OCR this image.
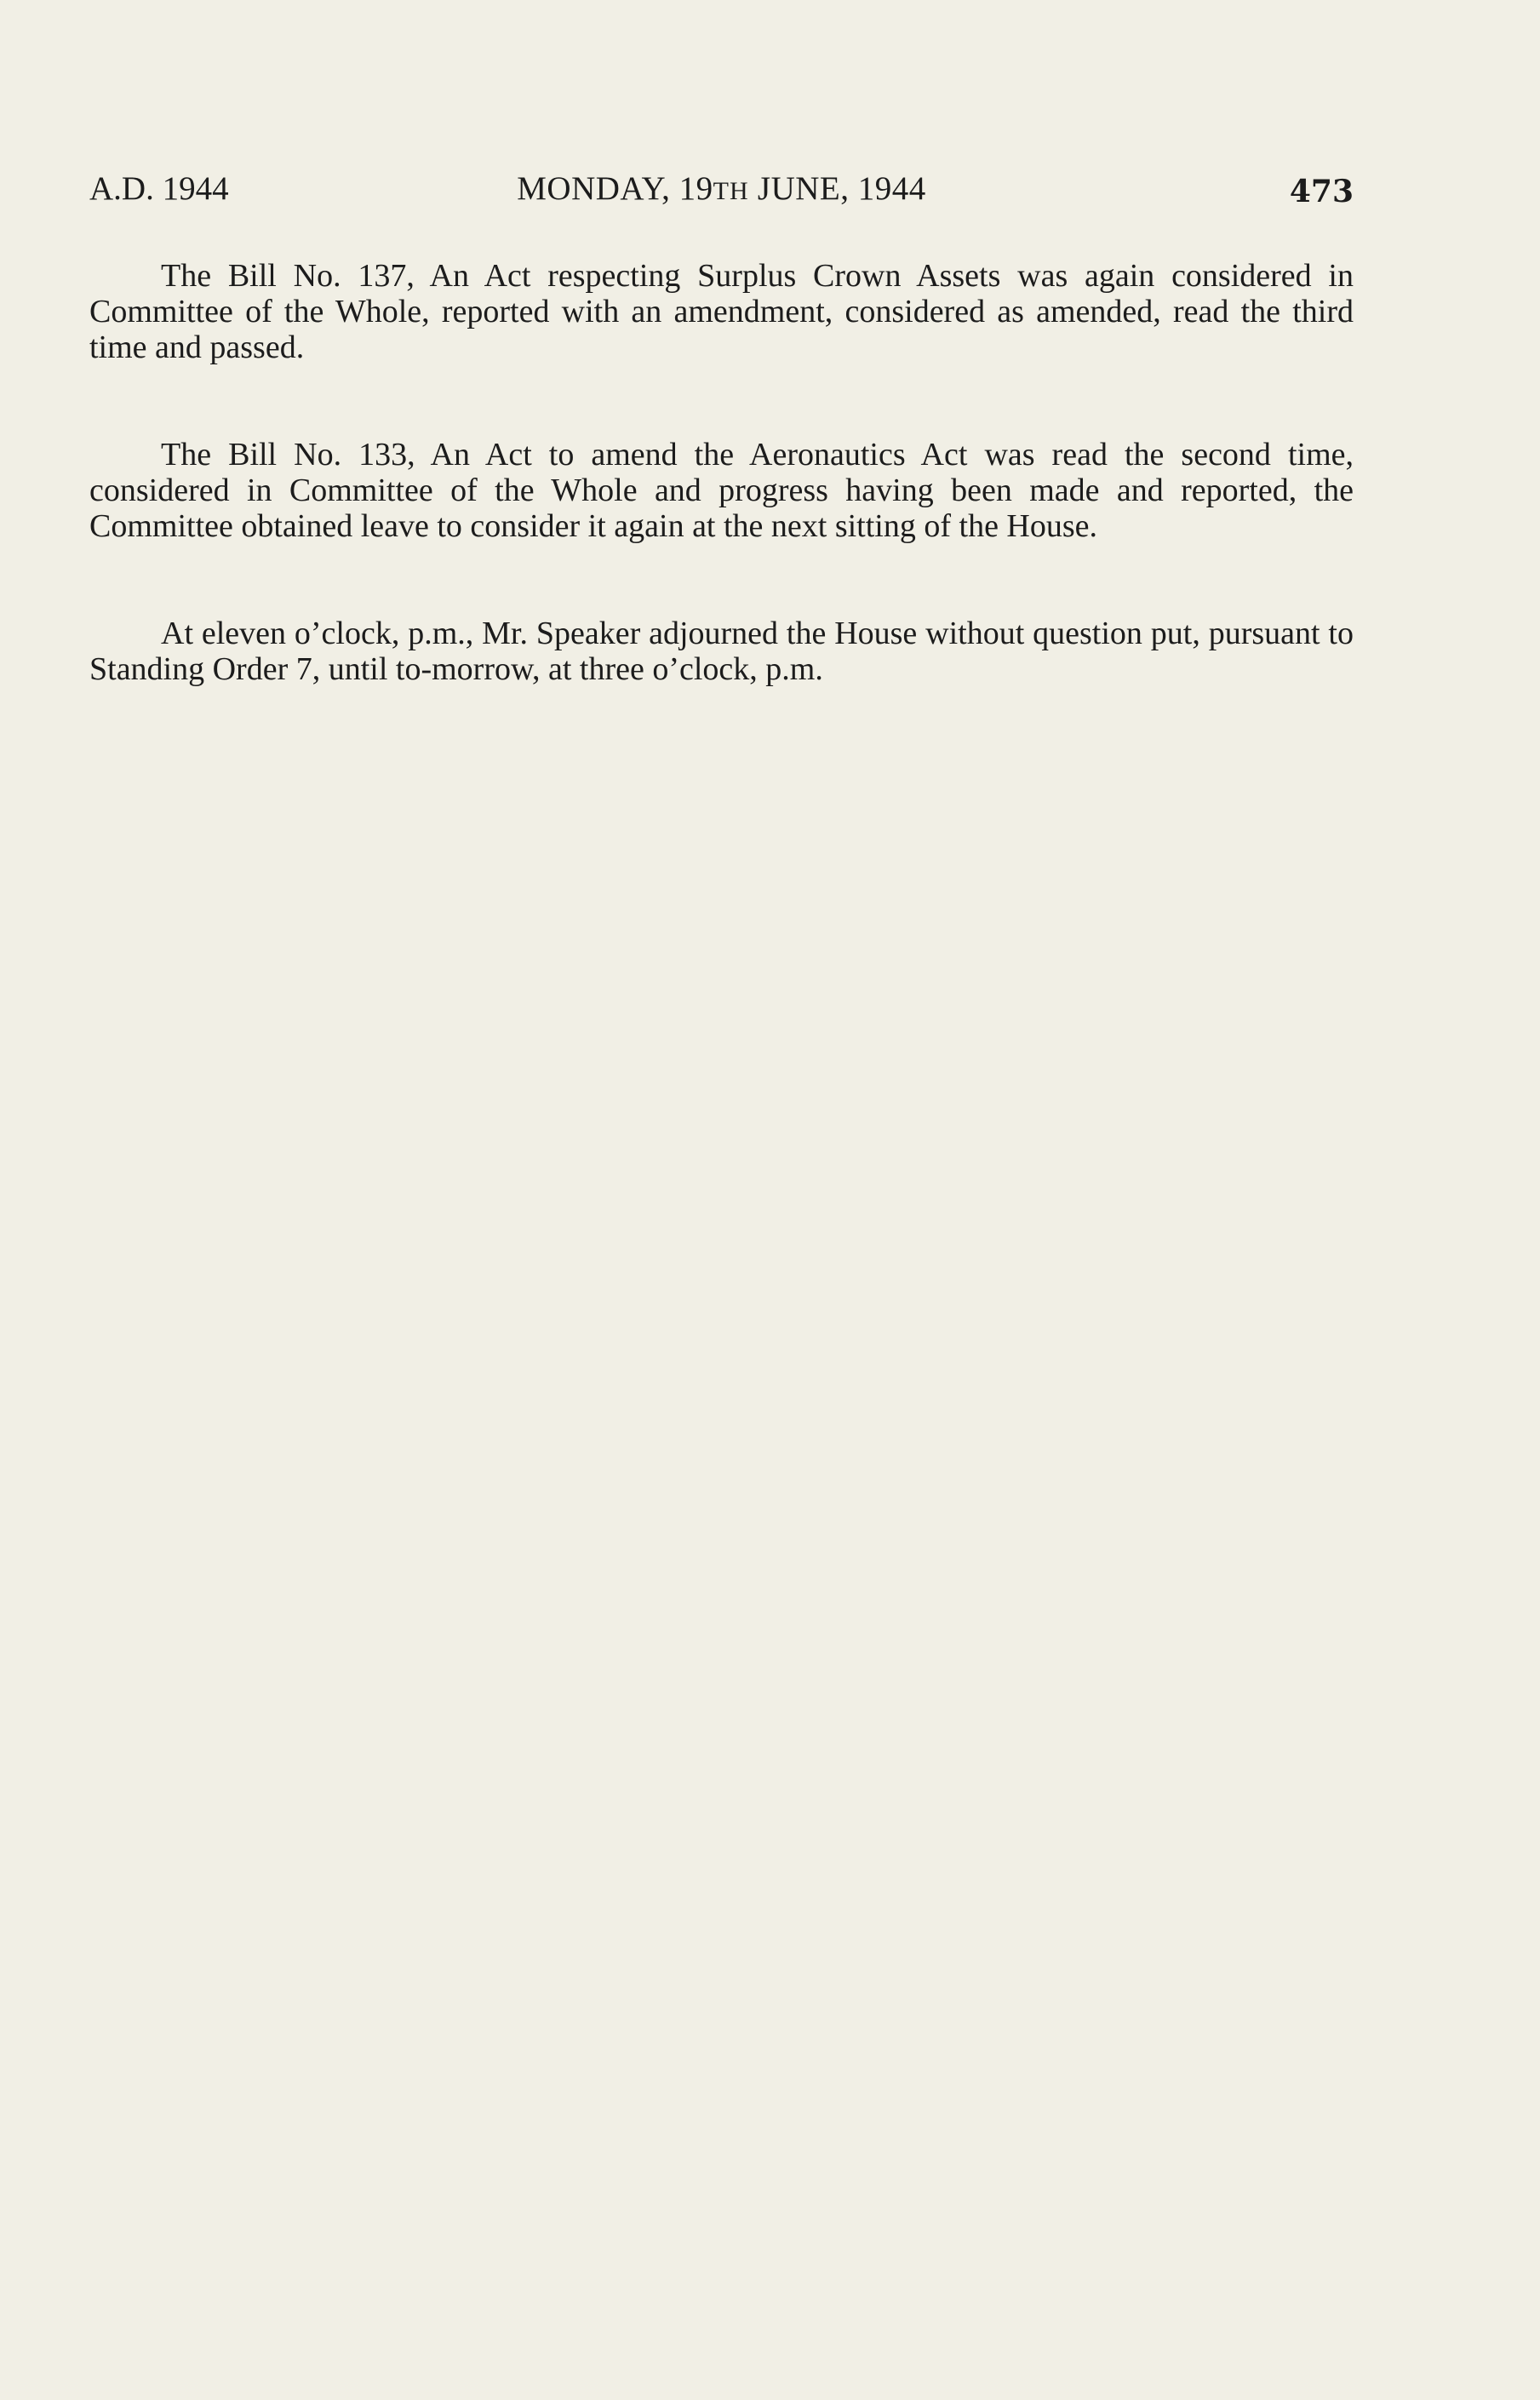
A.D. 1944	MONDAY, 19TH JUNE, 1944	473

The Bill No. 137, An Act respecting Surplus Crown Assets was again considered in Committee of the Whole, reported with an amendment, considered as amended, read the third time and passed.

The Bill No. 133, An Act to amend the Aeronautics Act was read the second time, considered in Committee of the Whole and progress having been made and reported, the Committee obtained leave to consider it again at the next sitting of the House.

At eleven o’clock, p.m., Mr. Speaker adjourned the House without question put, pursuant to Standing Order 7, until to-morrow, at three o’clock, p.m.
